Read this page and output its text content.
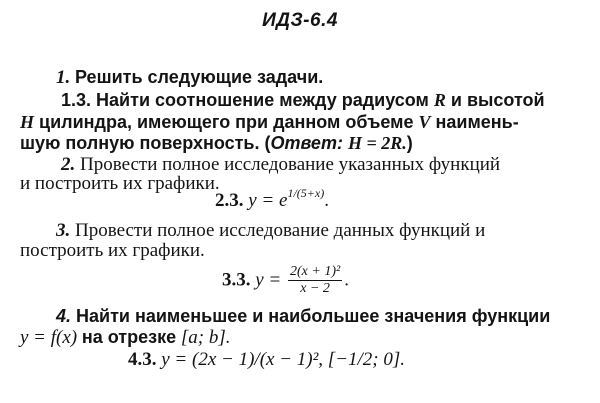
ИДЗ-6.4
1. Решить следующие задачи.
1.3. Найти соотношение между радиусом R и высотой
H цилиндра, имеющего при данном объеме V наимень-
шую полную поверхность. (Ответ: H = 2R.)
2. Провести полное исследование указанных функций
и построить их графики.
2.3. $y = e^{1/(5+x)}$.
3. Провести полное исследование данных функций и
построить их графики.
3.3. $y = \frac{\text{2(x + 1)²}}{x - 2}$ .
4. Найти наименьшее и наибольшее значения функции
y = f(x) на отрезке [a; b].
4.3. y = (2x − 1)/(x − 1)², [−1/2; 0].
